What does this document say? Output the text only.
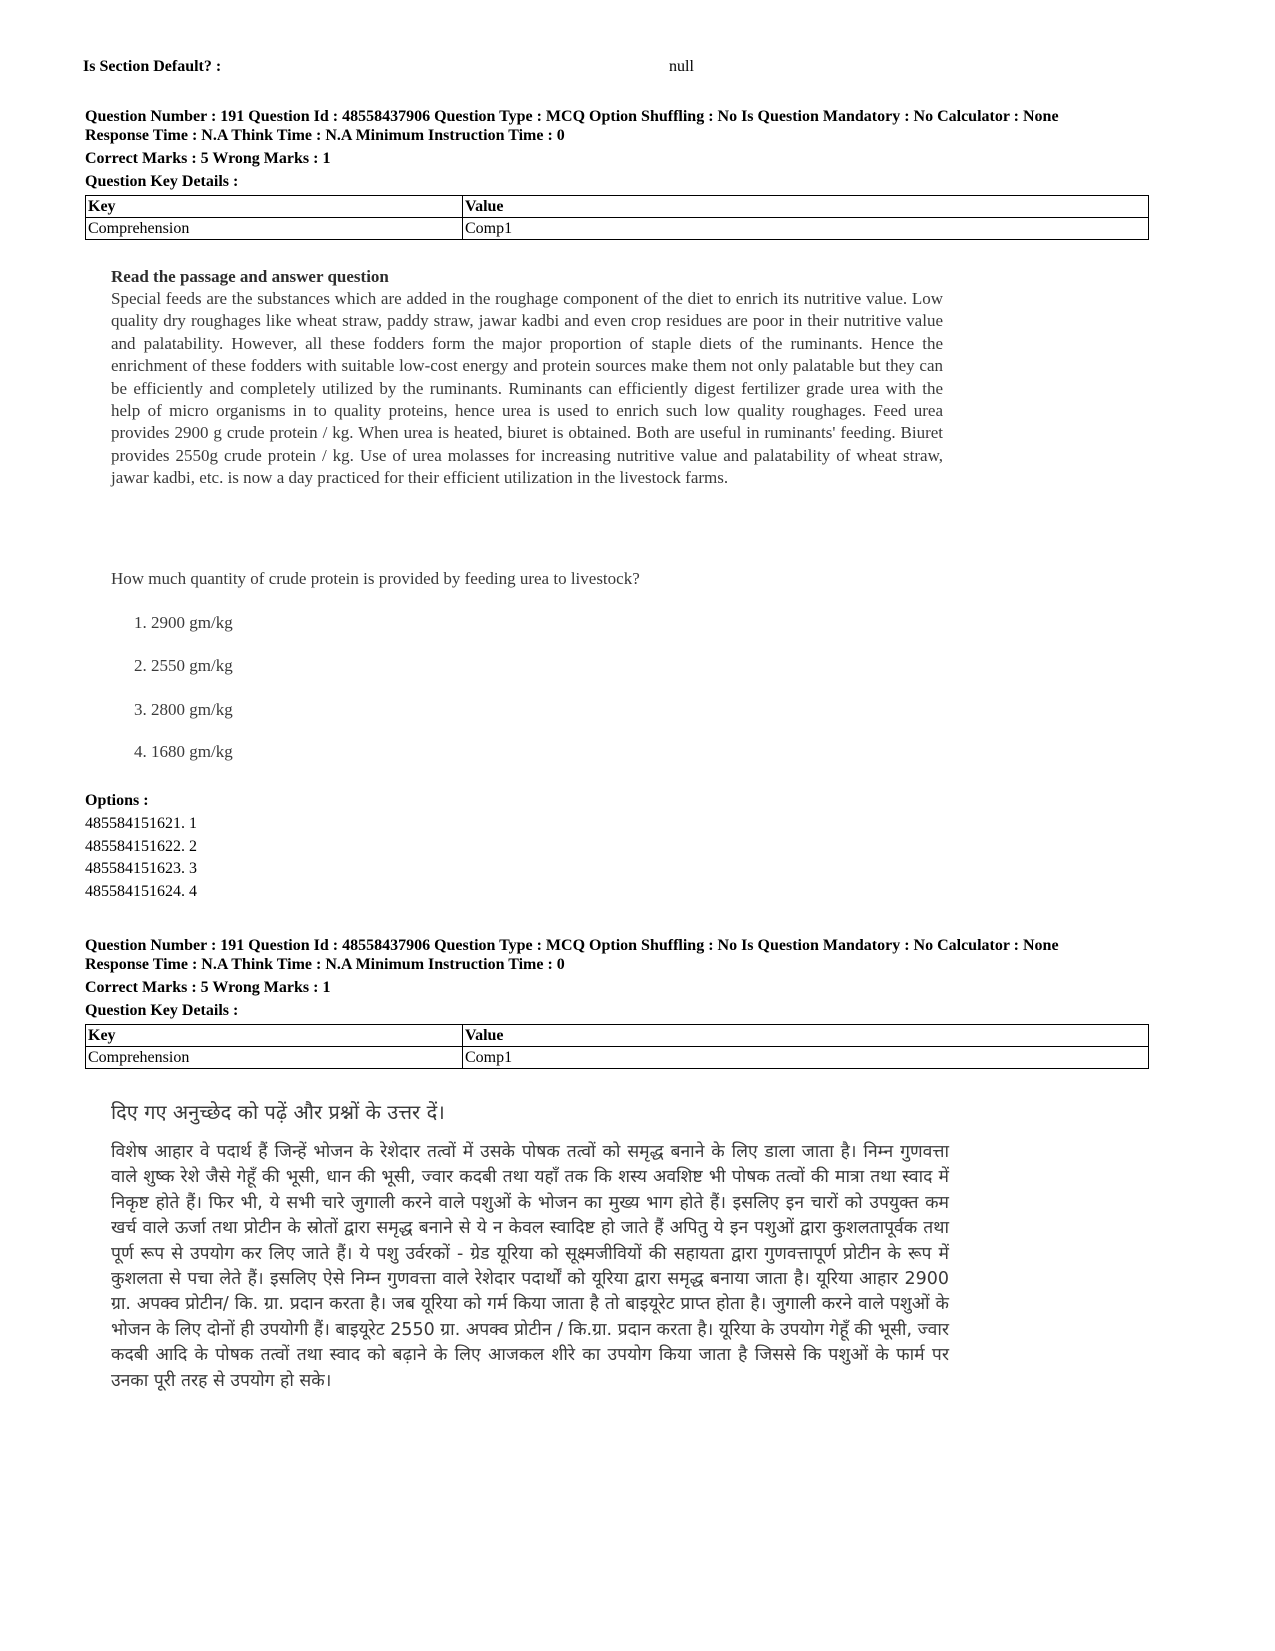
Is Section Default? :	null
Question Number : 191 Question Id : 48558437906 Question Type : MCQ Option Shuffling : No Is Question Mandatory : No Calculator : None
Response Time : N.A Think Time : N.A Minimum Instruction Time : 0
Correct Marks : 5 Wrong Marks : 1
Question Key Details :
Key	Value
Comprehension	Comp1
Read the passage and answer question
Special feeds are the substances which are added in the roughage component of the diet to enrich its nutritive value. Low quality dry roughages like wheat straw, paddy straw, jawar kadbi and even crop residues are poor in their nutritive value and palatability. However, all these fodders form the major proportion of staple diets of the ruminants. Hence the enrichment of these fodders with suitable low-cost energy and protein sources make them not only palatable but they can be efficiently and completely utilized by the ruminants. Ruminants can efficiently digest fertilizer grade urea with the help of micro organisms in to quality proteins, hence urea is used to enrich such low quality roughages. Feed urea provides 2900 g crude protein / kg. When urea is heated, biuret is obtained. Both are useful in ruminants' feeding. Biuret provides 2550g crude protein / kg. Use of urea molasses for increasing nutritive value and palatability of wheat straw, jawar kadbi, etc. is now a day practiced for their efficient utilization in the livestock farms.
How much quantity of crude protein is provided by feeding urea to livestock?
1. 2900 gm/kg
2. 2550 gm/kg
3. 2800 gm/kg
4. 1680 gm/kg
Options :
485584151621. 1
485584151622. 2
485584151623. 3
485584151624. 4
Question Number : 191 Question Id : 48558437906 Question Type : MCQ Option Shuffling : No Is Question Mandatory : No Calculator : None
Response Time : N.A Think Time : N.A Minimum Instruction Time : 0
Correct Marks : 5 Wrong Marks : 1
Question Key Details :
Key	Value
Comprehension	Comp1
दिए गए अनुच्छेद को पढ़ें और प्रश्नों के उत्तर दें।
विशेष आहार वे पदार्थ हैं जिन्हें भोजन के रेशेदार तत्वों में उसके पोषक तत्वों को समृद्ध बनाने के लिए डाला जाता है। निम्न गुणवत्ता वाले शुष्क रेशे जैसे गेहूँ की भूसी, धान की भूसी, ज्वार कदबी तथा यहाँ तक कि शस्य अवशिष्ट भी पोषक तत्वों की मात्रा तथा स्वाद में निकृष्ट होते हैं। फिर भी, ये सभी चारे जुगाली करने वाले पशुओं के भोजन का मुख्य भाग होते हैं। इसलिए इन चारों को उपयुक्त कम खर्च वाले ऊर्जा तथा प्रोटीन के स्रोतों द्वारा समृद्ध बनाने से ये न केवल स्वादिष्ट हो जाते हैं अपितु ये इन पशुओं द्वारा कुशलतापूर्वक तथा पूर्ण रूप से उपयोग कर लिए जाते हैं। ये पशु उर्वरकों - ग्रेड यूरिया को सूक्ष्मजीवियों की सहायता द्वारा गुणवत्तापूर्ण प्रोटीन के रूप में कुशलता से पचा लेते हैं। इसलिए ऐसे निम्न गुणवत्ता वाले रेशेदार पदार्थों को यूरिया द्वारा समृद्ध बनाया जाता है। यूरिया आहार 2900 ग्रा. अपक्व प्रोटीन/ कि. ग्रा. प्रदान करता है। जब यूरिया को गर्म किया जाता है तो बाइयूरेट प्राप्त होता है। जुगाली करने वाले पशुओं के भोजन के लिए दोनों ही उपयोगी हैं। बाइयूरेट 2550 ग्रा. अपक्व प्रोटीन / कि.ग्रा. प्रदान करता है। यूरिया के उपयोग गेहूँ की भूसी, ज्वार कदबी आदि के पोषक तत्वों तथा स्वाद को बढ़ाने के लिए आजकल शीरे का उपयोग किया जाता है जिससे कि पशुओं के फार्म पर उनका पूरी तरह से उपयोग हो सके।
